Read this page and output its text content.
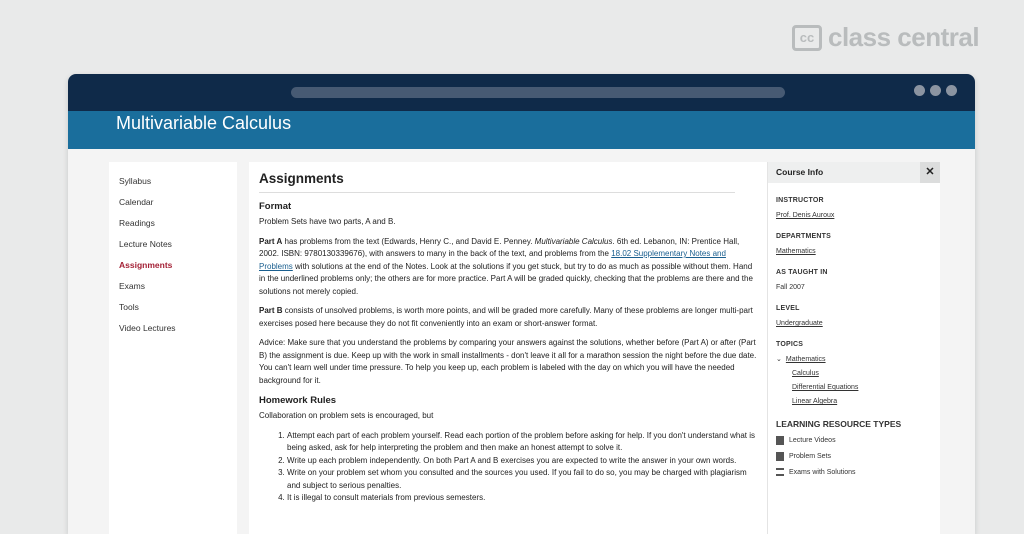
cc class central
Multivariable Calculus
Syllabus
Calendar
Readings
Lecture Notes
Assignments
Exams
Tools
Video Lectures
Assignments
Format

Problem Sets have two parts, A and B.

Part A has problems from the text (Edwards, Henry C., and David E. Penney. Multivariable Calculus. 6th ed. Lebanon, IN: Prentice Hall, 2002. ISBN: 9780130339676), with answers to many in the back of the text, and problems from the 18.02 Supplementary Notes and Problems with solutions at the end of the Notes. Look at the solutions if you get stuck, but try to do as much as possible without them. Hand in the underlined problems only; the others are for more practice. Part A will be graded quickly, checking that the problems are there and the solutions not merely copied.

Part B consists of unsolved problems, is worth more points, and will be graded more carefully. Many of these problems are longer multi-part exercises posed here because they do not fit conveniently into an exam or short-answer format.

Advice: Make sure that you understand the problems by comparing your answers against the solutions, whether before (Part A) or after (Part B) the assignment is due. Keep up with the work in small installments - don't leave it all for a marathon session the night before the due date. You can't learn well under time pressure. To help you keep up, each problem is labeled with the day on which you will have the needed background for it.

Homework Rules

Collaboration on problem sets is encouraged, but

1. Attempt each part of each problem yourself. Read each portion of the problem before asking for help. If you don't understand what is being asked, ask for help interpreting the problem and then make an honest attempt to solve it.
2. Write up each problem independently. On both Part A and B exercises you are expected to write the answer in your own words.
3. Write on your problem set whom you consulted and the sources you used. If you fail to do so, you may be charged with plagiarism and subject to serious penalties.
4. It is illegal to consult materials from previous semesters.
Course Info	✕
INSTRUCTOR
Prof. Denis Auroux
DEPARTMENTS
Mathematics
AS TAUGHT IN
Fall 2007
LEVEL
Undergraduate
TOPICS
⌄ Mathematics
Calculus
Differential Equations
Linear Algebra
LEARNING RESOURCE TYPES
Lecture Videos
Problem Sets
Exams with Solutions
